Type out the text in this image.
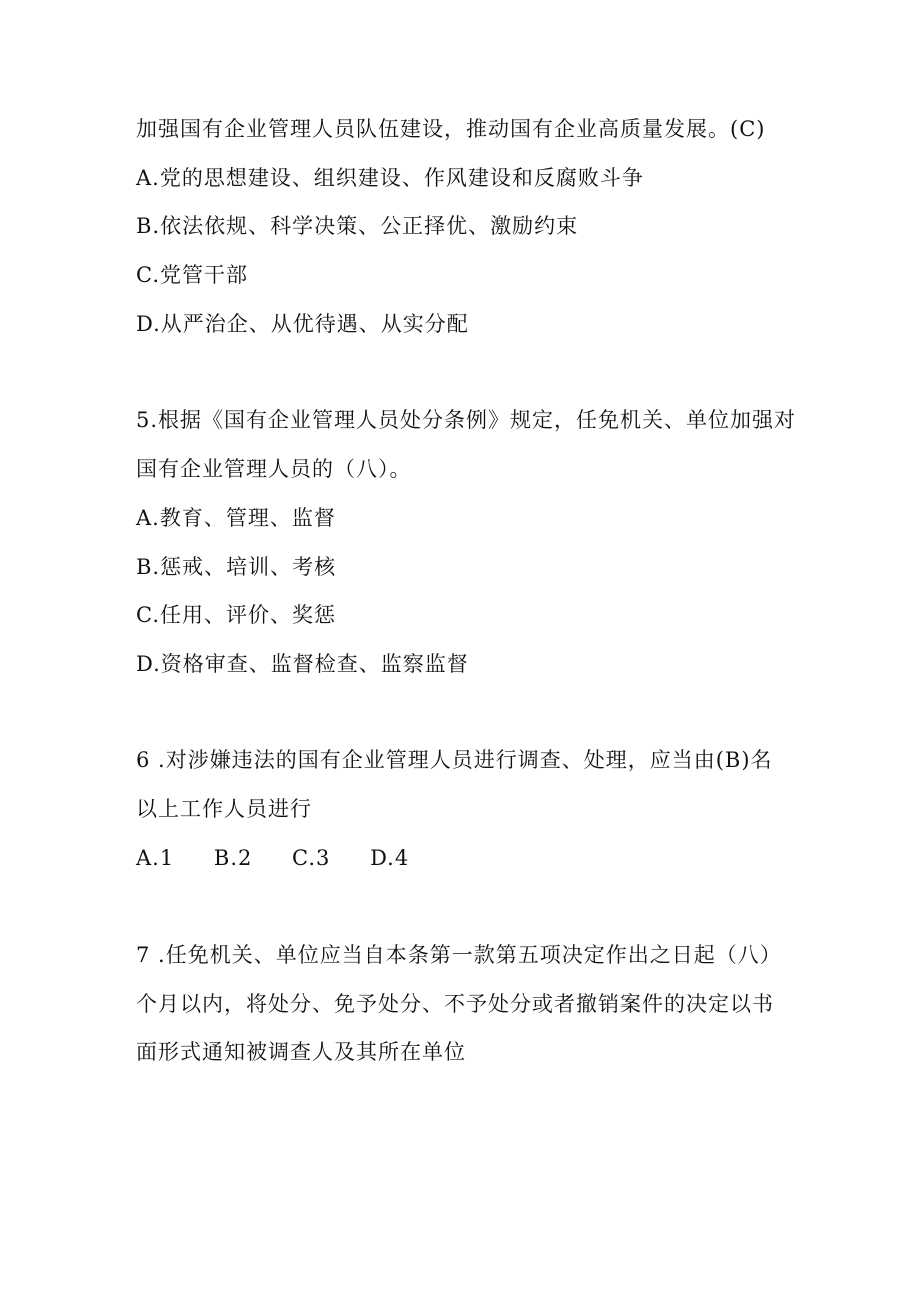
加强国有企业管理人员队伍建设，推动国有企业高质量发展。(C)
A.党的思想建设、组织建设、作风建设和反腐败斗争
B.依法依规、科学决策、公正择优、激励约束
C.党管干部
D.从严治企、从优待遇、从实分配
5.根据《国有企业管理人员处分条例》规定，任免机关、单位加强对
国有企业管理人员的（八）。
A.教育、管理、监督
B.惩戒、培训、考核
C.任用、评价、奖惩
D.资格审查、监督检查、监察监督
6 .对涉嫌违法的国有企业管理人员进行调查、处理，应当由(B)名
以上工作人员进行
A.1 B.2 C.3 D.4
7 .任免机关、单位应当自本条第一款第五项决定作出之日起（八）
个月以内，将处分、免予处分、不予处分或者撤销案件的决定以书
面形式通知被调查人及其所在单位
